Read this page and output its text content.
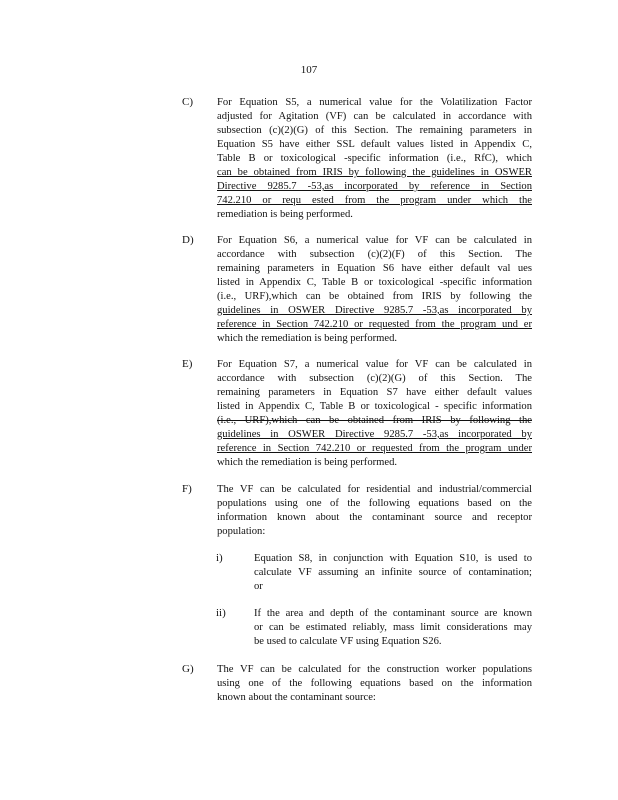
107
C) For Equation S5, a numerical value for the Volatilization Factor
adjusted for Agitation (VF) can be calculated in accordance with
subsection (c)(2)(G) of this Section. The remaining parameters in
Equation S5 have either SSL default values listed in Appendix C,
Table B or toxicological -specific information (i.e., RfC), which
can be obtained from IRIS by following the guidelines in OSWER
Directive 9285.7 -53,as incorporated by reference in Section
742.210 or requ ested from the program under which the
remediation is being performed.
D) For Equation S6, a numerical value for VF can be calculated in
accordance with subsection (c)(2)(F) of this Section. The
remaining parameters in Equation S6 have either default val ues
listed in Appendix C, Table B or toxicological -specific information
(i.e., URF),which can be obtained from IRIS by following the
guidelines in OSWER Directive 9285.7 -53,as incorporated by
reference in Section 742.210 or requested from the program und er
which the remediation is being performed.
E) For Equation S7, a numerical value for VF can be calculated in
accordance with subsection (c)(2)(G) of this Section. The
remaining parameters in Equation S7 have either default values
listed in Appendix C, Table B or toxicological - specific information
(i.e., URF),which can be obtained from IRIS by following the
guidelines in OSWER Directive 9285.7 -53,as incorporated by
reference in Section 742.210 or requested from the program under
which the remediation is being performed.
F) The VF can be calculated for residential and industrial/commercial
populations using one of the following equations based on the
information known about the contaminant source and receptor
population:
i)	Equation S8, in conjunction with Equation S10, is used to
calculate VF assuming an infinite source of contamination;
or
ii)	If the area and depth of the contaminant source are known
or can be estimated reliably, mass limit considerations may
be used to calculate VF using Equation S26.
G) The VF can be calculated for the construction worker populations
using one of the following equations based on the information
known about the contaminant source:
